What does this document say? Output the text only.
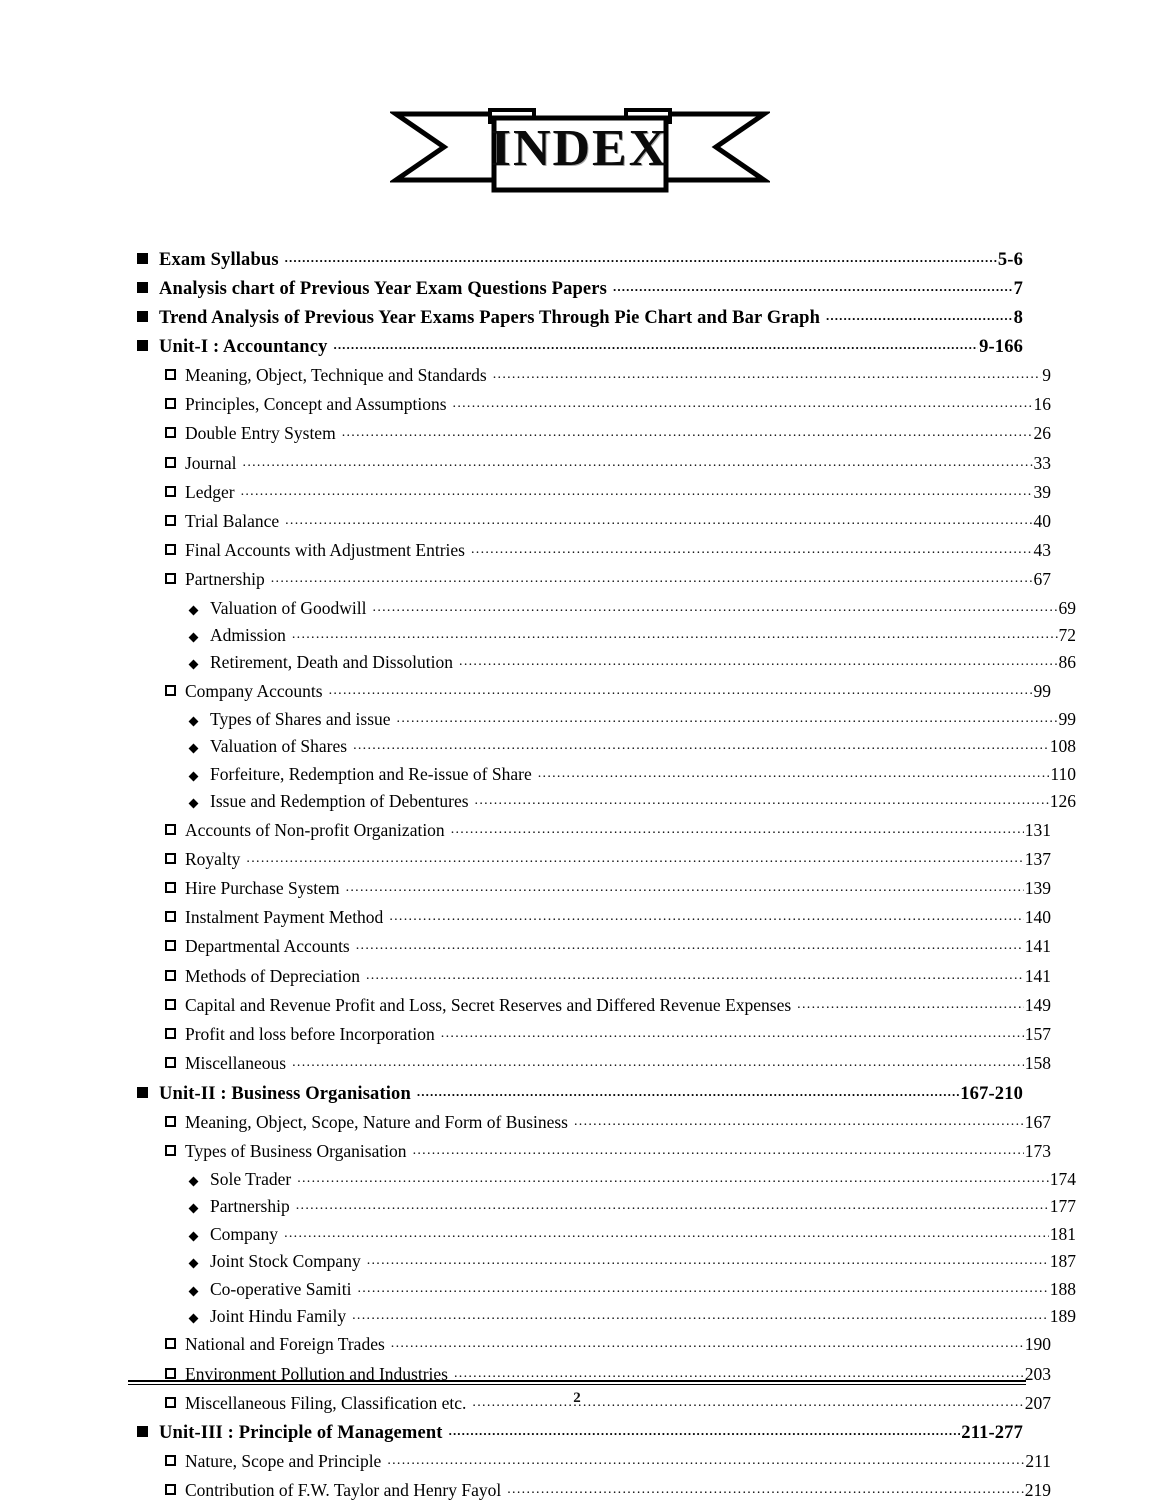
INDEX
Exam Syllabus .....	5-6
Analysis chart of Previous Year Exam Questions Papers .....	7
Trend Analysis of Previous Year Exams Papers Through Pie Chart and Bar Graph .....	8
Unit-I : Accountancy .....	9-166
Meaning, Object, Technique and Standards .....	9
Principles, Concept and Assumptions .....	16
Double Entry System .....	26
Journal .....	33
Ledger .....	39
Trial Balance .....	40
Final Accounts with Adjustment Entries .....	43
Partnership .....	67
Valuation of Goodwill .....	69
Admission .....	72
Retirement, Death and Dissolution .....	86
Company Accounts .....	99
Types of Shares and issue .....	99
Valuation of Shares .....	108
Forfeiture, Redemption and Re-issue of Share .....	110
Issue and Redemption of Debentures .....	126
Accounts of Non-profit Organization .....	131
Royalty .....	137
Hire Purchase System .....	139
Instalment Payment Method .....	140
Departmental Accounts .....	141
Methods of Depreciation .....	141
Capital and Revenue Profit and Loss, Secret Reserves and Differed Revenue Expenses .....	149
Profit and loss before Incorporation .....	157
Miscellaneous .....	158
Unit-II : Business Organisation .....	167-210
Meaning, Object, Scope, Nature and Form of Business .....	167
Types of Business Organisation .....	173
Sole Trader .....	174
Partnership .....	177
Company .....	181
Joint Stock Company .....	187
Co-operative Samiti .....	188
Joint Hindu Family .....	189
National and Foreign Trades .....	190
Environment Pollution and Industries .....	203
Miscellaneous Filing, Classification etc. .....	207
Unit-III : Principle of Management .....	211-277
Nature, Scope and Principle .....	211
Contribution of F.W. Taylor and Henry Fayol .....	219
2
